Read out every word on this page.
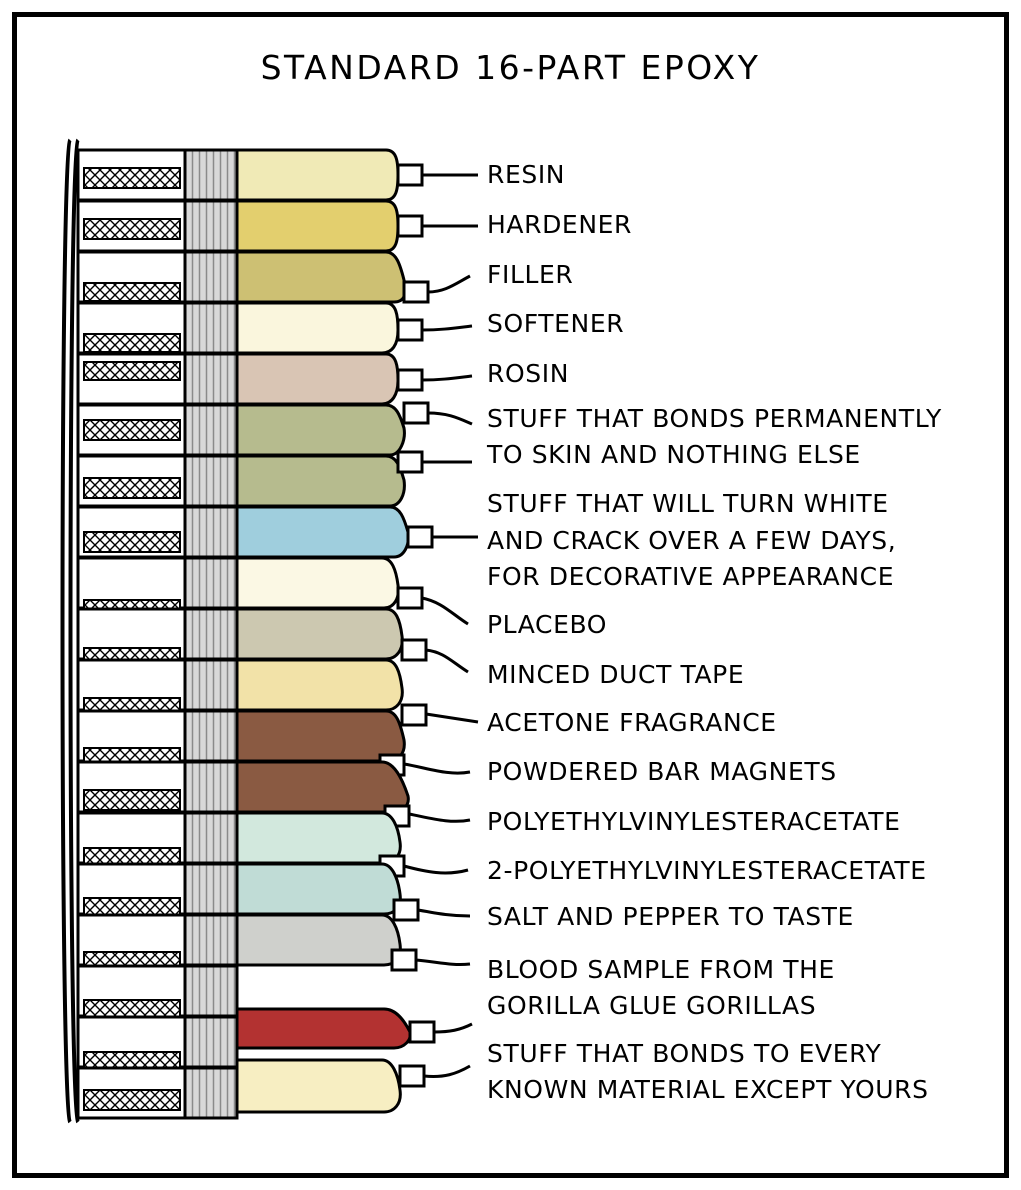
STANDARD 16-PART EPOXY
RESIN
HARDENER
FILLER
SOFTENER
ROSIN
STUFF THAT BONDS PERMANENTLY
TO SKIN AND NOTHING ELSE
STUFF THAT WILL TURN WHITE
AND CRACK OVER A FEW DAYS,
FOR DECORATIVE APPEARANCE
PLACEBO
MINCED DUCT TAPE
ACETONE FRAGRANCE
POWDERED BAR MAGNETS
POLYETHYLVINYLESTERACETATE
2-POLYETHYLVINYLESTERACETATE
SALT AND PEPPER TO TASTE
BLOOD SAMPLE FROM THE
GORILLA GLUE GORILLAS
STUFF THAT BONDS TO EVERY
KNOWN MATERIAL EXCEPT YOURS
